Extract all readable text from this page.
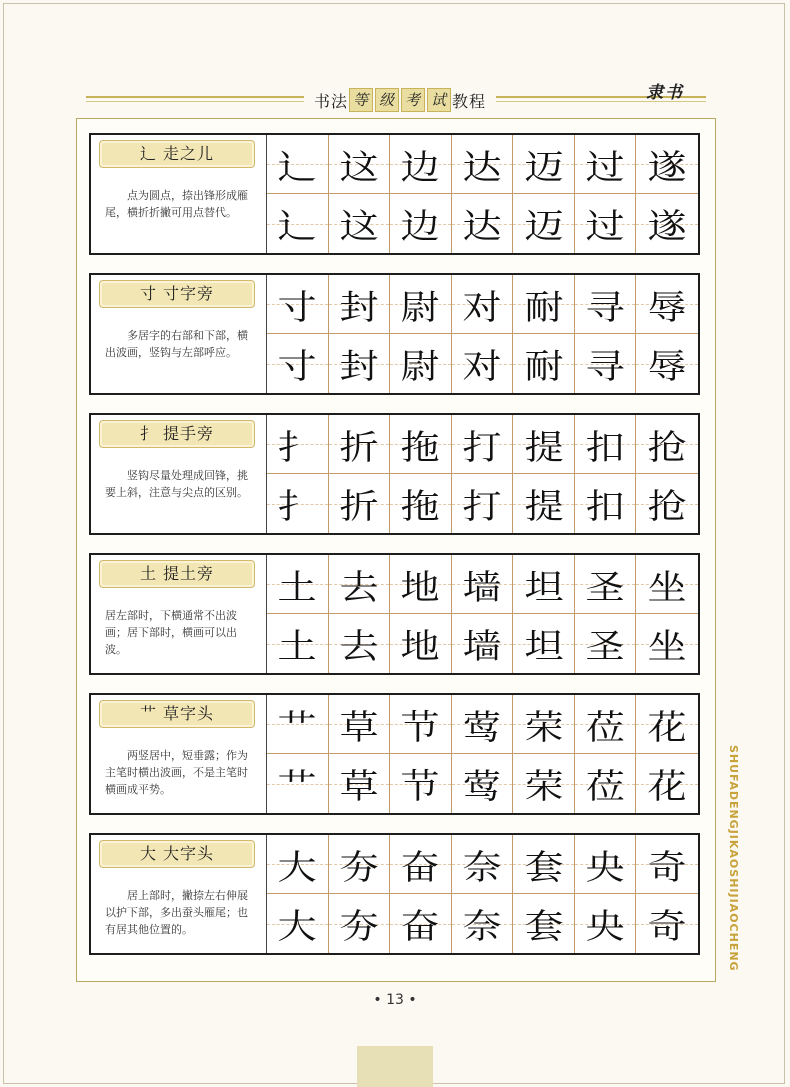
书法 等 级 考 试 教程	隶书
辶 走之儿
点为圆点，捺出锋形成雁尾，横折折撇可用点替代。
辶 这 边 达 迈 过 遂
辶 这 边 达 迈 过 遂
寸 寸字旁
多居字的右部和下部，横出波画，竖钩与左部呼应。
寸 封 尉 对 耐 寻 辱
寸 封 尉 对 耐 寻 辱
扌 提手旁
竖钩尽量处理成回锋，挑要上斜，注意与尖点的区别。
扌 折 拖 打 提 扣 抢
扌 折 拖 打 提 扣 抢
土 提土旁
居左部时，下横通常不出波画；居下部时，横画可以出波。
土 去 地 墙 坦 圣 坐
土 去 地 墙 坦 圣 坐
艹 草字头
两竖居中，短垂露；作为主笔时横出波画，不是主笔时横画成平势。
艹 草 节 莺 荣 莅 花
艹 草 节 莺 荣 莅 花
大 大字头
居上部时，撇捺左右伸展以护下部，多出蚕头雁尾；也有居其他位置的。
大 夯 奋 奈 套 央 奇
大 夯 奋 奈 套 央 奇	SHUFADENGJIKAOSHIJIAOCHENG
• 13 •
